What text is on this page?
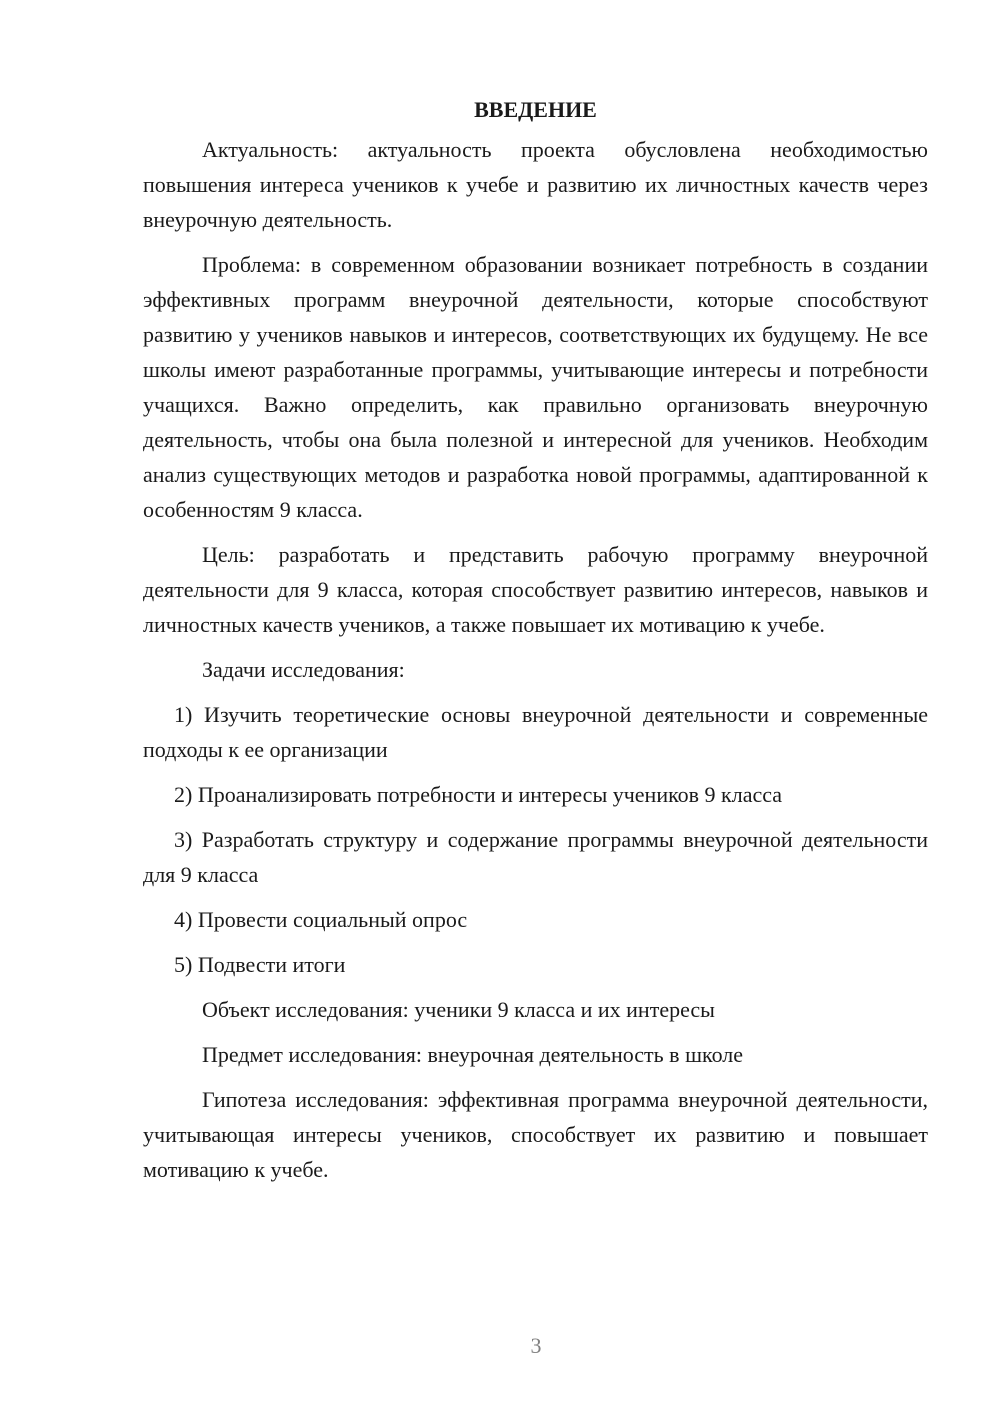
ВВЕДЕНИЕ

Актуальность: актуальность проекта обусловлена необходимостью повышения интереса учеников к учебе и развитию их личностных качеств через внеурочную деятельность.

Проблема: в современном образовании возникает потребность в создании эффективных программ внеурочной деятельности, которые способствуют развитию у учеников навыков и интересов, соответствующих их будущему. Не все школы имеют разработанные программы, учитывающие интересы и потребности учащихся. Важно определить, как правильно организовать внеурочную деятельность, чтобы она была полезной и интересной для учеников. Необходим анализ существующих методов и разработка новой программы, адаптированной к особенностям 9 класса.

Цель: разработать и представить рабочую программу внеурочной деятельности для 9 класса, которая способствует развитию интересов, навыков и личностных качеств учеников, а также повышает их мотивацию к учебе.

Задачи исследования:

1) Изучить теоретические основы внеурочной деятельности и современные подходы к ее организации

2) Проанализировать потребности и интересы учеников 9 класса

3) Разработать структуру и содержание программы внеурочной деятельности для 9 класса

4) Провести социальный опрос

5) Подвести итоги

Объект исследования: ученики 9 класса и их интересы

Предмет исследования: внеурочная деятельность в школе

Гипотеза исследования: эффективная программа внеурочной деятельности, учитывающая интересы учеников, способствует их развитию и повышает мотивацию к учебе.

3
